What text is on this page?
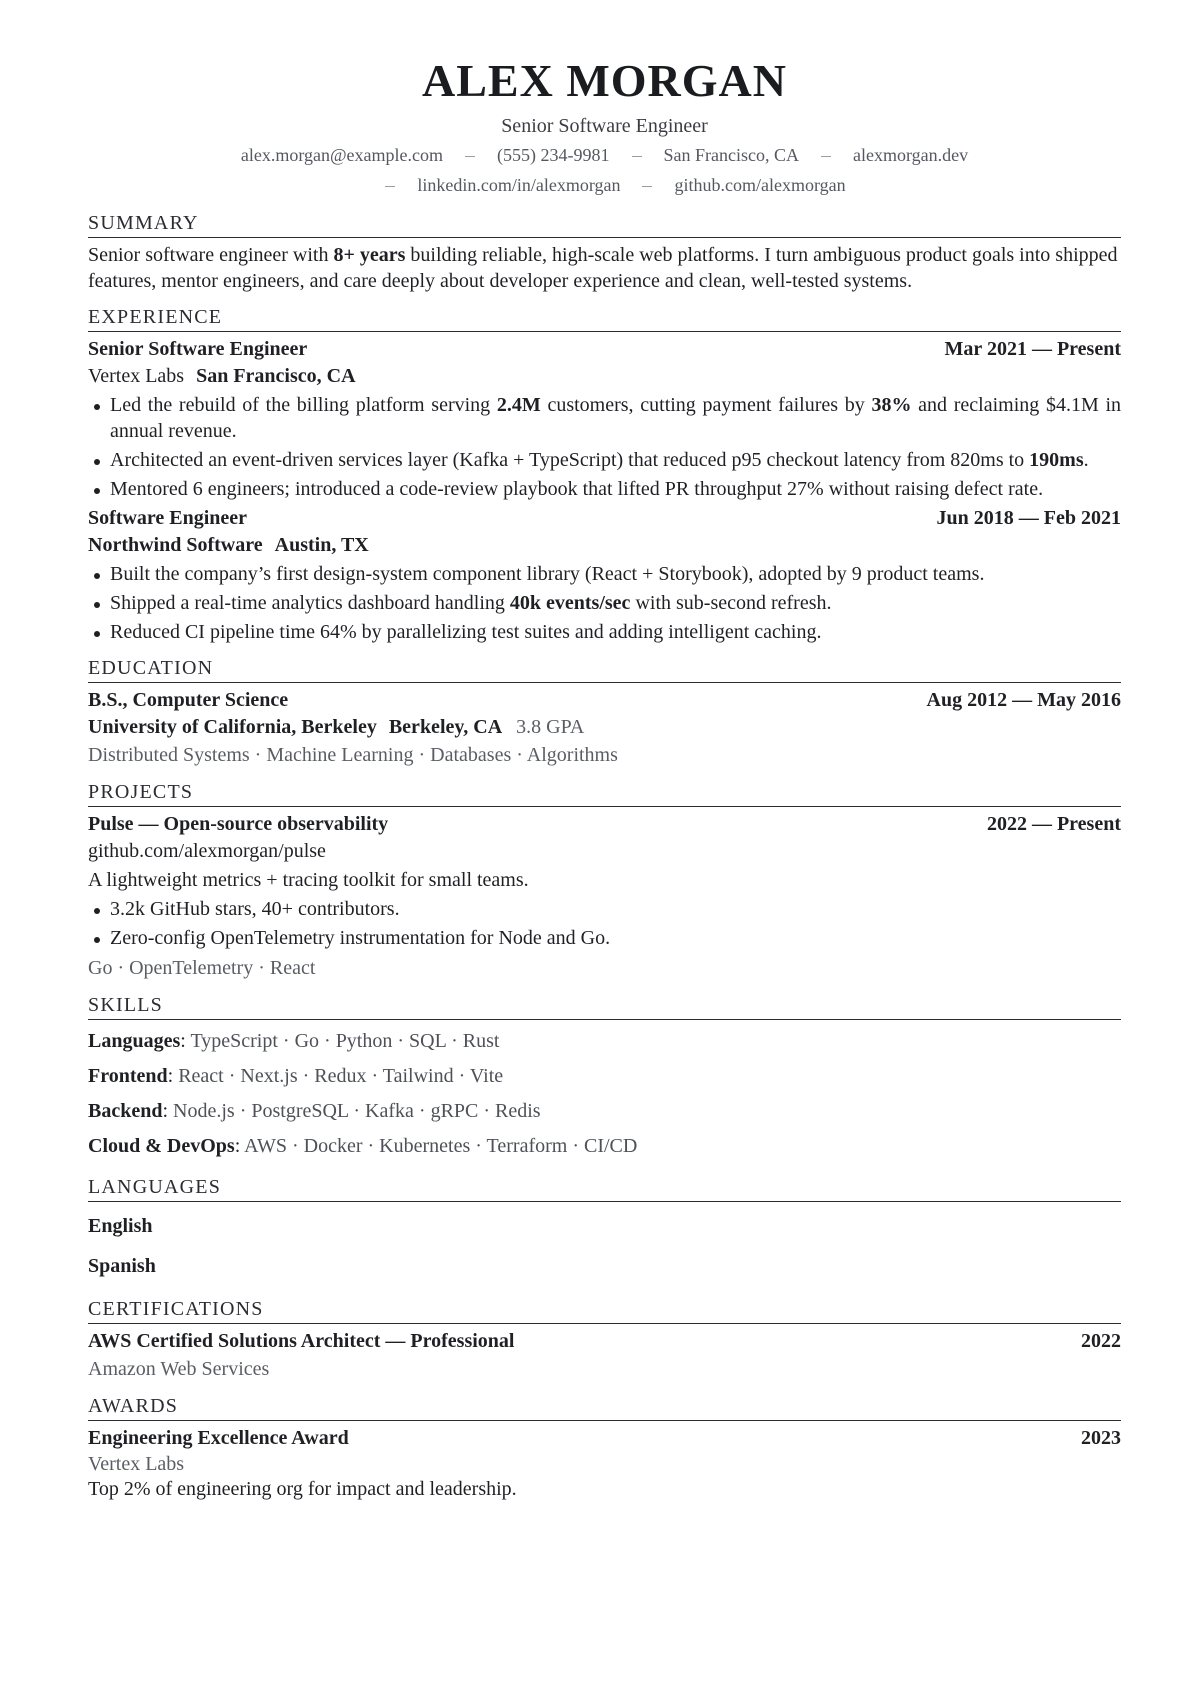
ALEX MORGAN
Senior Software Engineer
alex.morgan@example.com	(555) 234-9981	San Francisco, CA	alexmorgan.dev
linkedin.com/in/alexmorgan	github.com/alexmorgan
SUMMARY
Senior software engineer with 8+ years building reliable, high-scale web platforms. I turn ambiguous product goals into shipped features, mentor engineers, and care deeply about developer experience and clean, well-tested systems.
EXPERIENCE
Senior Software Engineer	Mar 2021 — Present
Vertex Labs San Francisco, CA
Led the rebuild of the billing platform serving 2.4M customers, cutting payment failures by 38% and reclaiming $4.1M in annual revenue.
Architected an event-driven services layer (Kafka + TypeScript) that reduced p95 checkout latency from 820ms to 190ms.
Mentored 6 engineers; introduced a code-review playbook that lifted PR throughput 27% without raising defect rate.
Software Engineer	Jun 2018 — Feb 2021
Northwind Software Austin, TX
Built the company’s first design-system component library (React + Storybook), adopted by 9 product teams.
Shipped a real-time analytics dashboard handling 40k events/sec with sub-second refresh.
Reduced CI pipeline time 64% by parallelizing test suites and adding intelligent caching.
EDUCATION
B.S., Computer Science	Aug 2012 — May 2016
University of California, Berkeley Berkeley, CA 3.8 GPA
Distributed Systems · Machine Learning · Databases · Algorithms
PROJECTS
Pulse — Open-source observability	2022 — Present
github.com/alexmorgan/pulse
A lightweight metrics + tracing toolkit for small teams.
3.2k GitHub stars, 40+ contributors.
Zero-config OpenTelemetry instrumentation for Node and Go.
Go · OpenTelemetry · React
SKILLS
Languages: TypeScript · Go · Python · SQL · Rust
Frontend: React · Next.js · Redux · Tailwind · Vite
Backend: Node.js · PostgreSQL · Kafka · gRPC · Redis
Cloud & DevOps: AWS · Docker · Kubernetes · Terraform · CI/CD
LANGUAGES
English
Spanish
CERTIFICATIONS
AWS Certified Solutions Architect — Professional	2022
Amazon Web Services
AWARDS
Engineering Excellence Award	2023
Vertex Labs
Top 2% of engineering org for impact and leadership.
